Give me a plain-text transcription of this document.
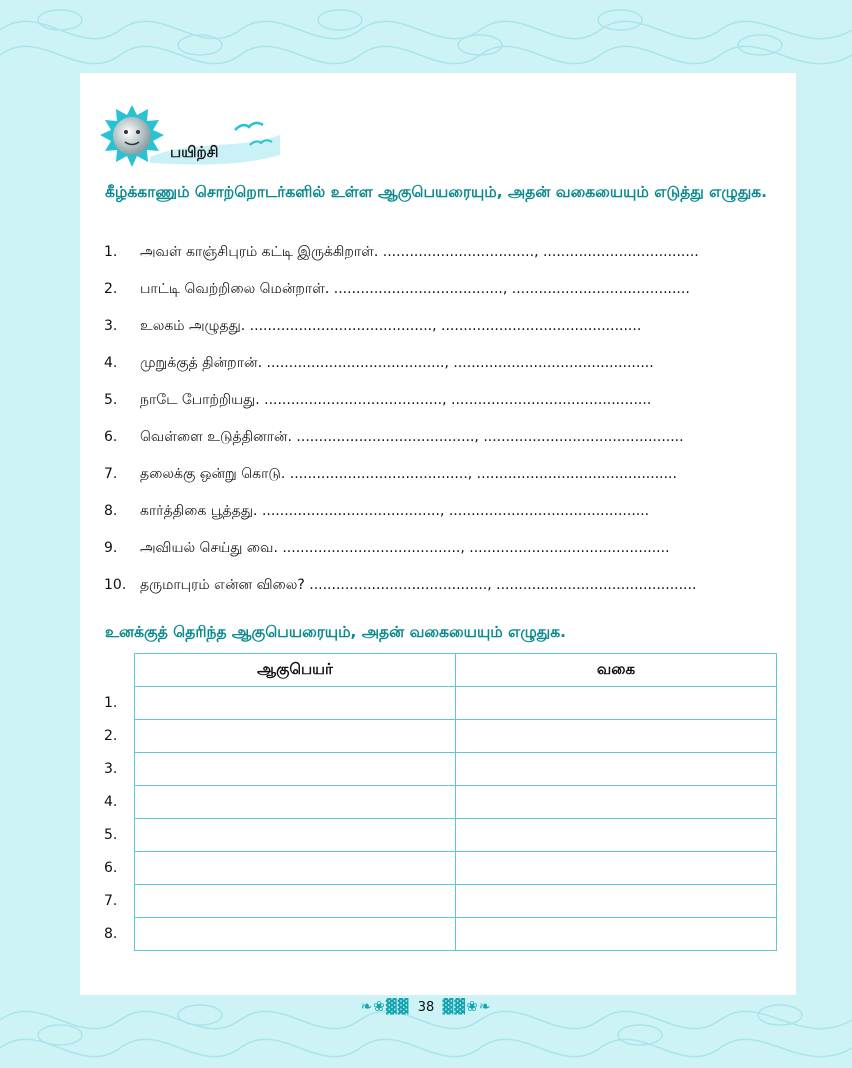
பயிற்சி
கீழ்க்காணும் சொற்றொடர்களில் உள்ள ஆகுபெயரையும், அதன் வகையையும் எடுத்து எழுதுக.
1.	அவள் காஞ்சிபுரம் கட்டி இருக்கிறாள். .................................., ...................................
2.	பாட்டி வெற்றிலை மென்றாள். ......................................, ........................................
3.	உலகம் அழுதது. ........................................., .............................................
4.	முறுக்குத் தின்றான். ........................................, .............................................
5.	நாடே போற்றியது. ........................................, .............................................
6.	வெள்ளை உடுத்தினான். ........................................, .............................................
7.	தலைக்கு ஒன்று கொடு. ........................................, .............................................
8.	கார்த்திகை பூத்தது. ........................................, .............................................
9.	அவியல் செய்து வை. ........................................, .............................................
10. தருமாபுரம் என்ன விலை? ........................................, .............................................
உனக்குத் தெரிந்த ஆகுபெயரையும், அதன் வகையையும் எழுதுக.
	ஆகுபெயர்	வகை
1.		
2.		
3.		
4.		
5.		
6.		
7.		
8.		
❧❀▓▓ 38 ▓▓❀❧
